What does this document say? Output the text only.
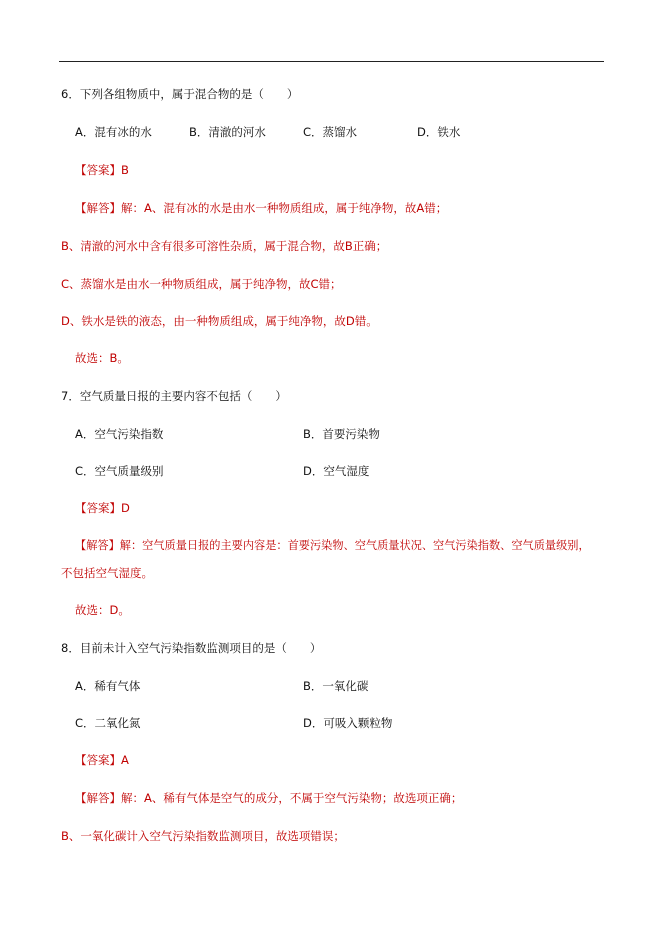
6．下列各组物质中，属于混合物的是（　　）
A．混有冰的水	B．清澈的河水	C．蒸馏水	D．铁水
【答案】B
【解答】解：A、混有冰的水是由水一种物质组成，属于纯净物，故A错；
B、清澈的河水中含有很多可溶性杂质，属于混合物，故B正确；
C、蒸馏水是由水一种物质组成，属于纯净物，故C错；
D、铁水是铁的液态，由一种物质组成，属于纯净物，故D错。
故选：B。
7．空气质量日报的主要内容不包括（　　）
A．空气污染指数	B．首要污染物
C．空气质量级别	D．空气湿度
【答案】D
【解答】解：空气质量日报的主要内容是：首要污染物、空气质量状况、空气污染指数、空气质量级别，
不包括空气湿度。
故选：D。
8．目前未计入空气污染指数监测项目的是（　　）
A．稀有气体	B．一氧化碳
C．二氧化氮	D．可吸入颗粒物
【答案】A
【解答】解：A、稀有气体是空气的成分，不属于空气污染物；故选项正确；
B、一氧化碳计入空气污染指数监测项目，故选项错误；
